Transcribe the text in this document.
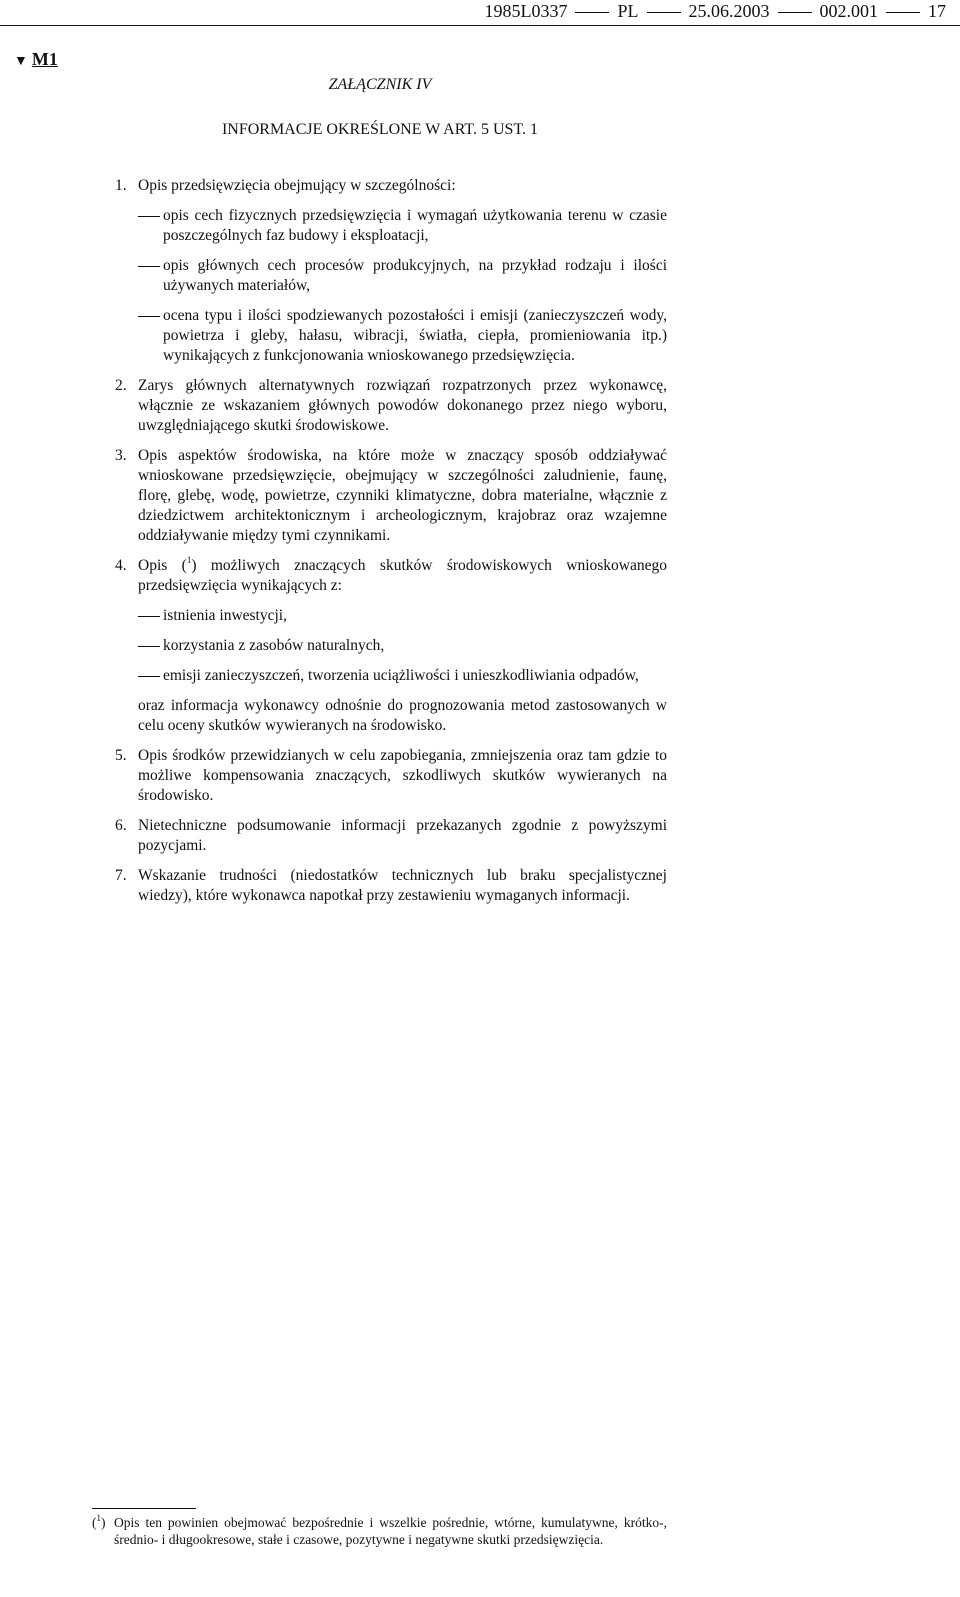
1985L0337	PL	25.06.2003	002.001	17
▼ M1
ZAŁĄCZNIK IV
INFORMACJE OKREŚLONE W ART. 5 UST. 1
1. Opis przedsięwzięcia obejmujący w szczególności:
opis cech fizycznych przedsięwzięcia i wymagań użytkowania terenu w czasie poszczególnych faz budowy i eksploatacji,
opis głównych cech procesów produkcyjnych, na przykład rodzaju i ilości używanych materiałów,
ocena typu i ilości spodziewanych pozostałości i emisji (zanieczyszczeń wody, powietrza i gleby, hałasu, wibracji, światła, ciepła, promieniowania itp.) wynikających z funkcjonowania wnioskowanego przedsięwzięcia.
2. Zarys głównych alternatywnych rozwiązań rozpatrzonych przez wykonawcę, włącznie ze wskazaniem głównych powodów dokonanego przez niego wyboru, uwzględniającego skutki środowiskowe.
3. Opis aspektów środowiska, na które może w znaczący sposób oddziaływać wnioskowane przedsięwzięcie, obejmujący w szczególności zaludnienie, faunę, florę, glebę, wodę, powietrze, czynniki klimatyczne, dobra materialne, włącznie z dziedzictwem architektonicznym i archeologicznym, krajobraz oraz wzajemne oddziaływanie między tymi czynnikami.
4. Opis ($^1$) możliwych znaczących skutków środowiskowych wnioskowanego przedsięwzięcia wynikających z:
istnienia inwestycji,
korzystania z zasobów naturalnych,
emisji zanieczyszczeń, tworzenia uciążliwości i unieszkodliwiania odpadów,
oraz informacja wykonawcy odnośnie do prognozowania metod zastosowanych w celu oceny skutków wywieranych na środowisko.
5. Opis środków przewidzianych w celu zapobiegania, zmniejszenia oraz tam gdzie to możliwe kompensowania znaczących, szkodliwych skutków wywieranych na środowisko.
6. Nietechniczne podsumowanie informacji przekazanych zgodnie z powyższymi pozycjami.
7. Wskazanie trudności (niedostatków technicznych lub braku specjalistycznej wiedzy), które wykonawca napotkał przy zestawieniu wymaganych informacji.
($^1$) Opis ten powinien obejmować bezpośrednie i wszelkie pośrednie, wtórne, kumulatywne, krótko-, średnio- i długookresowe, stałe i czasowe, pozytywne i negatywne skutki przedsięwzięcia.
